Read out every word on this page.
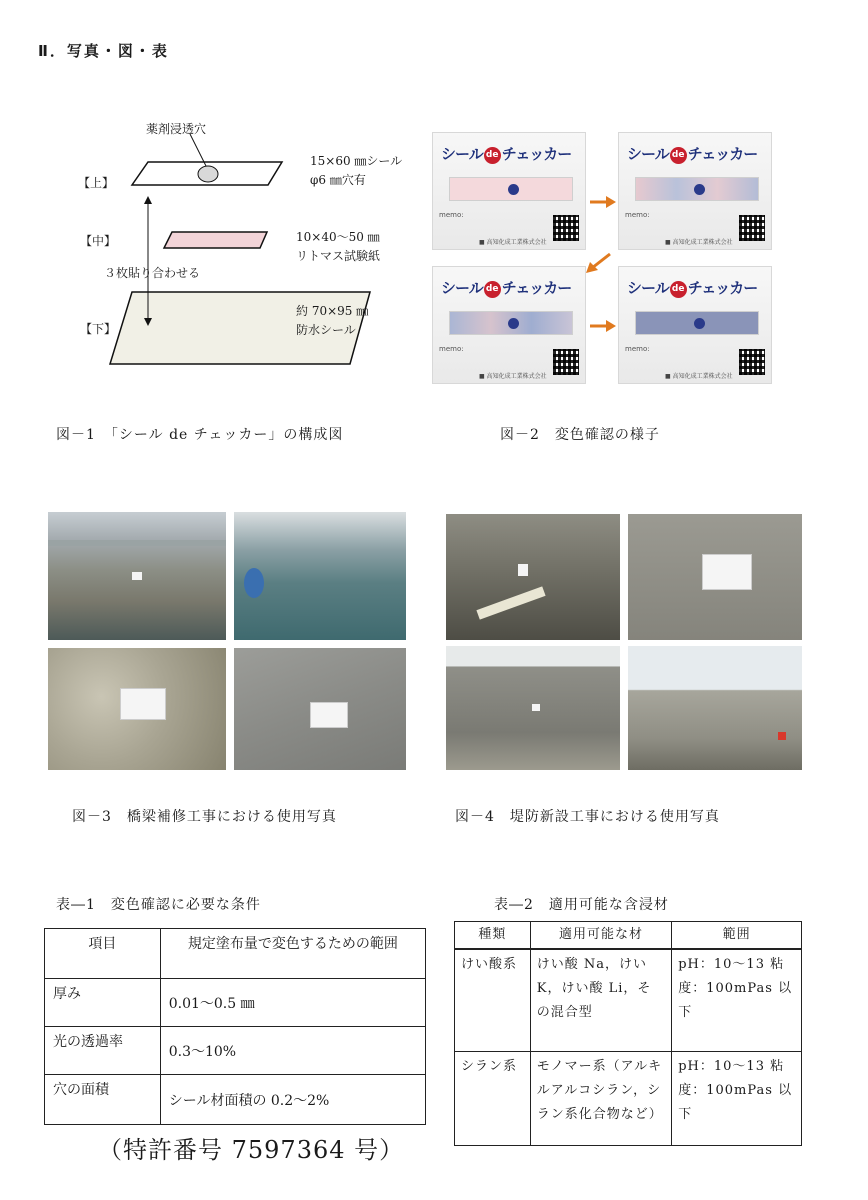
Ⅱ．写真・図・表
薬剤浸透穴
【上】
【中】
３枚貼り合わせる
【下】
15×60 ㎜シール
φ6 ㎜穴有
10×40～50 ㎜
リトマス試験紙
約 70×95 ㎜
防水シール
シール de チェッカー
memo:
■ 高知化成工業株式会社
シール de チェッカー
memo:
■ 高知化成工業株式会社
シール de チェッカー
memo:
■ 高知化成工業株式会社
シール de チェッカー
memo:
■ 高知化成工業株式会社
図－1　「シール de チェッカー」の構成図	図－2　変色確認の様子
図－3　橋梁補修工事における使用写真	図－4　堤防新設工事における使用写真
表―1　変色確認に必要な条件
項目	規定塗布量で変色するための範囲
厚み	0.01～0.5 ㎜
光の透過率	0.3～10%
穴の面積	シール材面積の 0.2～2%
表―2　適用可能な含浸材
種類	適用可能な材	範囲
けい酸系	けい酸 Na，けい K，けい酸 Li，その混合型	pH：10～13 粘度：100mPas 以下
シラン系	モノマー系（アルキルアルコシラン，シラン系化合物など）	pH：10～13 粘度：100mPas 以下
（特許番号 7597364 号）
